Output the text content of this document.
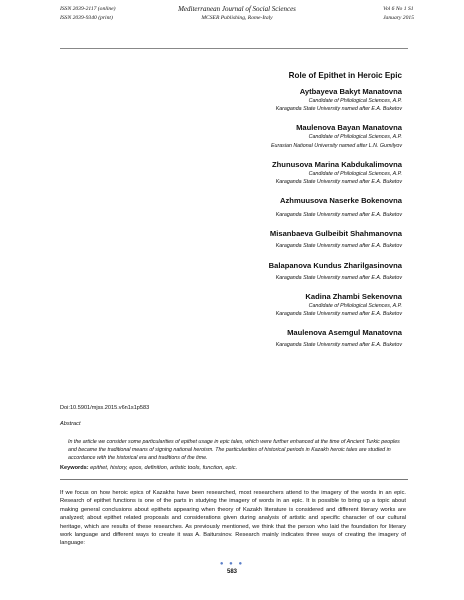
ISSN 2039-2117 (online)
ISSN 2039-9340 (print)
Mediterranean Journal of Social Sciences
MCSER Publishing, Rome-Italy
Vol 6 No 1 S1
January 2015
Role of Epithet in Heroic Epic
Aytbayeva Bakyt Manatovna
Candidate of Philological Sciences, A.P.
Karaganda State University named after E.A. Buketov
Maulenova Bayan Manatovna
Candidate of Philological Sciences, A.P.
Eurasian National University named after L.N. Gumilyov
Zhunusova Marina Kabdukalimovna
Candidate of Philological Sciences, A.P.
Karaganda State University named after E.A. Buketov
Azhmuusova Naserke Bokenovna
Karaganda State University named after E.A. Buketov
Misanbaeva Gulbeibit Shahmanovna
Karaganda State University named after E.A. Buketov
Balapanova Kundus Zharilgasinovna
Karaganda State University named after E.A. Buketov
Kadina Zhambi Sekenovna
Candidate of Philological Sciences, A.P.
Karaganda State University named after E.A. Buketov
Maulenova Asemgul Manatovna
Karaganda State University named after E.A. Buketov
Doi:10.5901/mjss.2015.v6n1s1p583
Abstract
In the article we consider some particularities of epithet usage in epic tales, which were further enhanced at the time of Ancient Turkic peoples and became the traditional means of signing national heroism. The particularities of historical periods in Kazakh heroic tales are studied in accordance with the historical era and traditions of the time.
Keywords: epithet, history, epos, definition, artistic tools, function, epic.
If we focus on how heroic epics of Kazakhs have been researched, most researchers attend to the imagery of the words in an epic. Research of epithet functions is one of the parts in studying the imagery of words in an epic. It is possible to bring up a topic about making general conclusions about epithets appearing when theory of Kazakh literature is considered and different literary works are analyzed; about epithet related proposals and considerations given during analysis of artistic and specific character of our cultural heritage, which are results of these researches. As previously mentioned, we think that the person who laid the foundation for literary work language and different ways to create it was A. Baitursinov. Research mainly indicates three ways of creating the imagery of language:
● ● ●
583
